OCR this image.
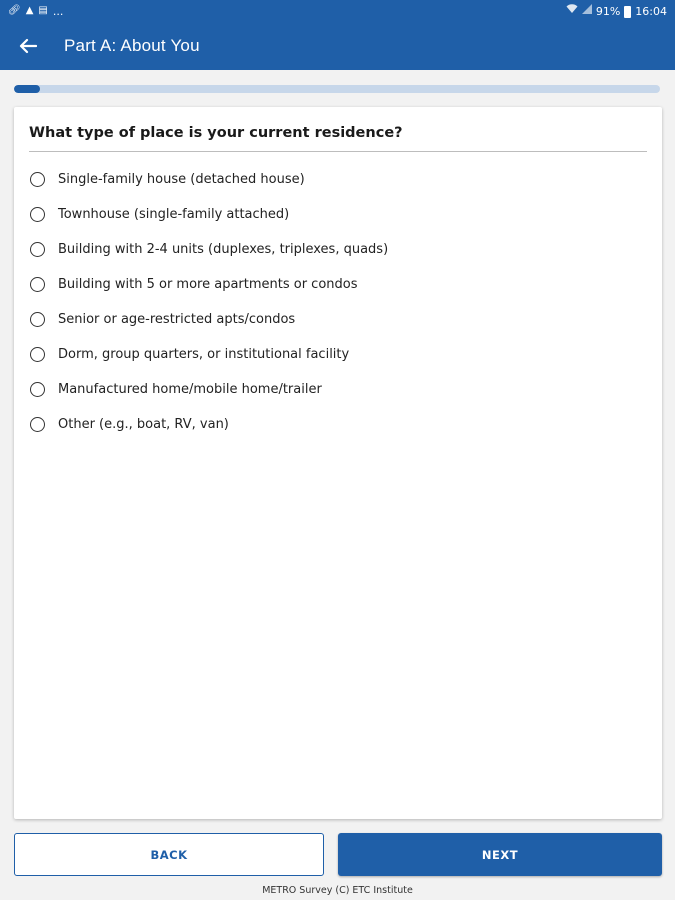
🔗︎ ▲ ▤ ...	91% 16:04
Part A: About You
What type of place is your current residence?
Single-family house (detached house)
Townhouse (single-family attached)
Building with 2-4 units (duplexes, triplexes, quads)
Building with 5 or more apartments or condos
Senior or age-restricted apts/condos
Dorm, group quarters, or institutional facility
Manufactured home/mobile home/trailer
Other (e.g., boat, RV, van)
BACK	NEXT
METRO Survey (C) ETC Institute
